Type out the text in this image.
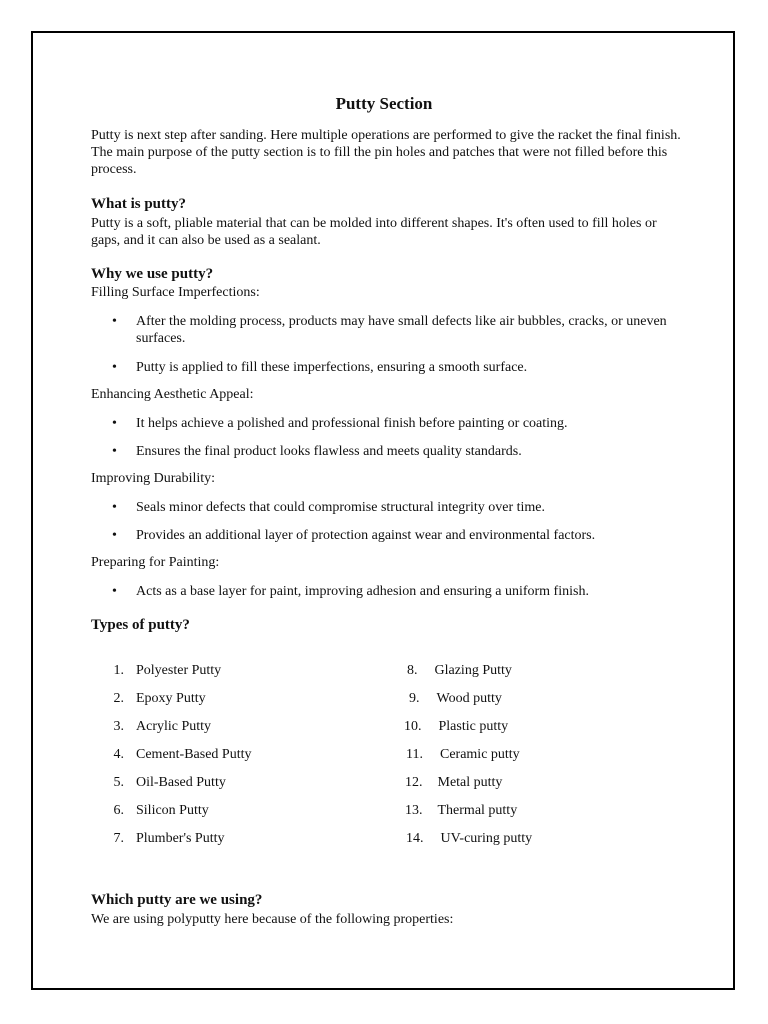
Putty Section

Putty is next step after sanding. Here multiple operations are performed to give the racket the final finish. The main purpose of the putty section is to fill the pin holes and patches that were not filled before this process.

What is putty?

Putty is a soft, pliable material that can be molded into different shapes. It's often used to fill holes or gaps, and it can also be used as a sealant.

Why we use putty?

Filling Surface Imperfections:

• After the molding process, products may have small defects like air bubbles, cracks, or uneven surfaces.
• Putty is applied to fill these imperfections, ensuring a smooth surface.

Enhancing Aesthetic Appeal:

• It helps achieve a polished and professional finish before painting or coating.
• Ensures the final product looks flawless and meets quality standards.

Improving Durability:

• Seals minor defects that could compromise structural integrity over time.
• Provides an additional layer of protection against wear and environmental factors.

Preparing for Painting:

• Acts as a base layer for paint, improving adhesion and ensuring a uniform finish.
Types of putty?
1. Polyester Putty
2. Epoxy Putty
3. Acrylic Putty
4. Cement-Based Putty
5. Oil-Based Putty
6. Silicon Putty
7. Plumber's Putty
8. Glazing Putty
9. Wood putty
10. Plastic putty
11. Ceramic putty
12. Metal putty
13. Thermal putty
14. UV-curing putty
Which putty are we using?

We are using polyputty here because of the following properties:
